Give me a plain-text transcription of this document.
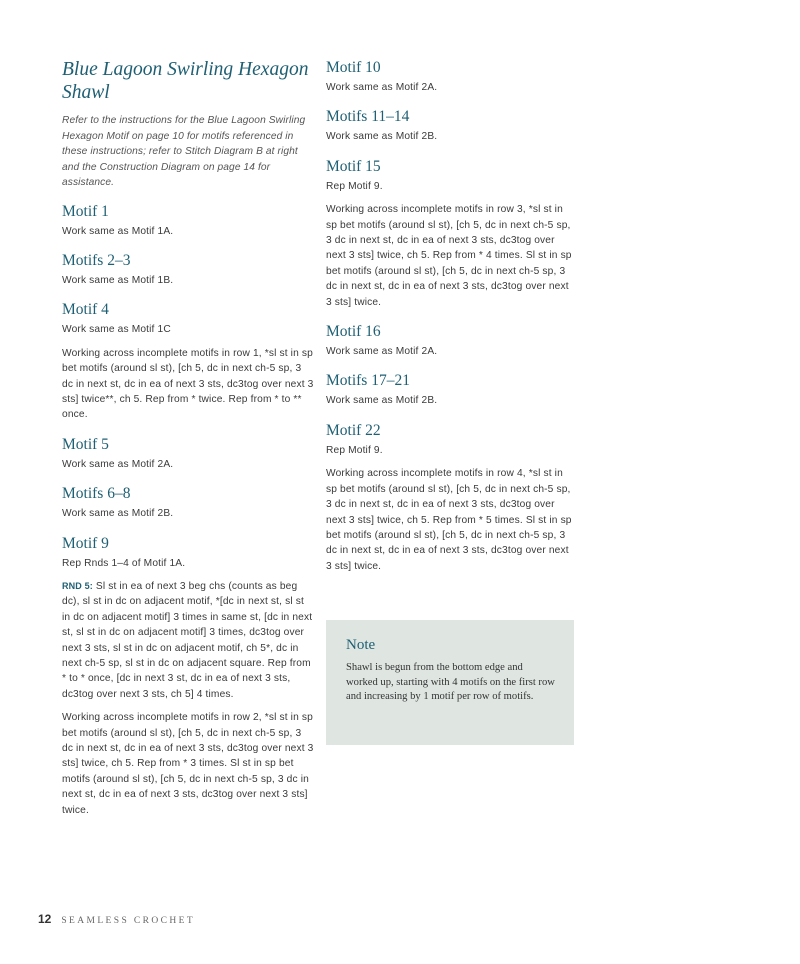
Blue Lagoon Swirling Hexagon Shawl

Refer to the instructions for the Blue Lagoon Swirling Hexagon Motif on page 10 for motifs referenced in these instructions; refer to Stitch Diagram B at right and the Construction Diagram on page 14 for assistance.

Motif 1

Work same as Motif 1A.

Motifs 2–3

Work same as Motif 1B.

Motif 4

Work same as Motif 1C

Working across incomplete motifs in row 1, *sl st in sp bet motifs (around sl st), [ch 5, dc in next ch-5 sp, 3 dc in next st, dc in ea of next 3 sts, dc3tog over next 3 sts] twice**, ch 5. Rep from * twice. Rep from * to ** once.

Motif 5

Work same as Motif 2A.

Motifs 6–8

Work same as Motif 2B.

Motif 9

Rep Rnds 1–4 of Motif 1A.

RND 5: Sl st in ea of next 3 beg chs (counts as beg dc), sl st in dc on adjacent motif, *[dc in next st, sl st in dc on adjacent motif] 3 times in same st, [dc in next st, sl st in dc on adjacent motif] 3 times, dc3tog over next 3 sts, sl st in dc on adjacent motif, ch 5*, dc in next ch-5 sp, sl st in dc on adjacent square. Rep from * to * once, [dc in next 3 st, dc in ea of next 3 sts, dc3tog over next 3 sts, ch 5] 4 times.

Working across incomplete motifs in row 2, *sl st in sp bet motifs (around sl st), [ch 5, dc in next ch-5 sp, 3 dc in next st, dc in ea of next 3 sts, dc3tog over next 3 sts] twice, ch 5. Rep from * 3 times. Sl st in sp bet motifs (around sl st), [ch 5, dc in next ch-5 sp, 3 dc in next st, dc in ea of next 3 sts, dc3tog over next 3 sts] twice.

Motif 10

Work same as Motif 2A.

Motifs 11–14

Work same as Motif 2B.

Motif 15

Rep Motif 9.

Working across incomplete motifs in row 3, *sl st in sp bet motifs (around sl st), [ch 5, dc in next ch-5 sp, 3 dc in next st, dc in ea of next 3 sts, dc3tog over next 3 sts] twice, ch 5. Rep from * 4 times. Sl st in sp bet motifs (around sl st), [ch 5, dc in next ch-5 sp, 3 dc in next st, dc in ea of next 3 sts, dc3tog over next 3 sts] twice.

Motif 16

Work same as Motif 2A.

Motifs 17–21

Work same as Motif 2B.

Motif 22

Rep Motif 9.

Working across incomplete motifs in row 4, *sl st in sp bet motifs (around sl st), [ch 5, dc in next ch-5 sp, 3 dc in next st, dc in ea of next 3 sts, dc3tog over next 3 sts] twice, ch 5. Rep from * 5 times. Sl st in sp bet motifs (around sl st), [ch 5, dc in next ch-5 sp, 3 dc in next st, dc in ea of next 3 sts, dc3tog over next 3 sts] twice.

Note

Shawl is begun from the bottom edge and worked up, starting with 4 motifs on the first row and increasing by 1 motif per row of motifs.

12 SEAMLESS CROCHET
